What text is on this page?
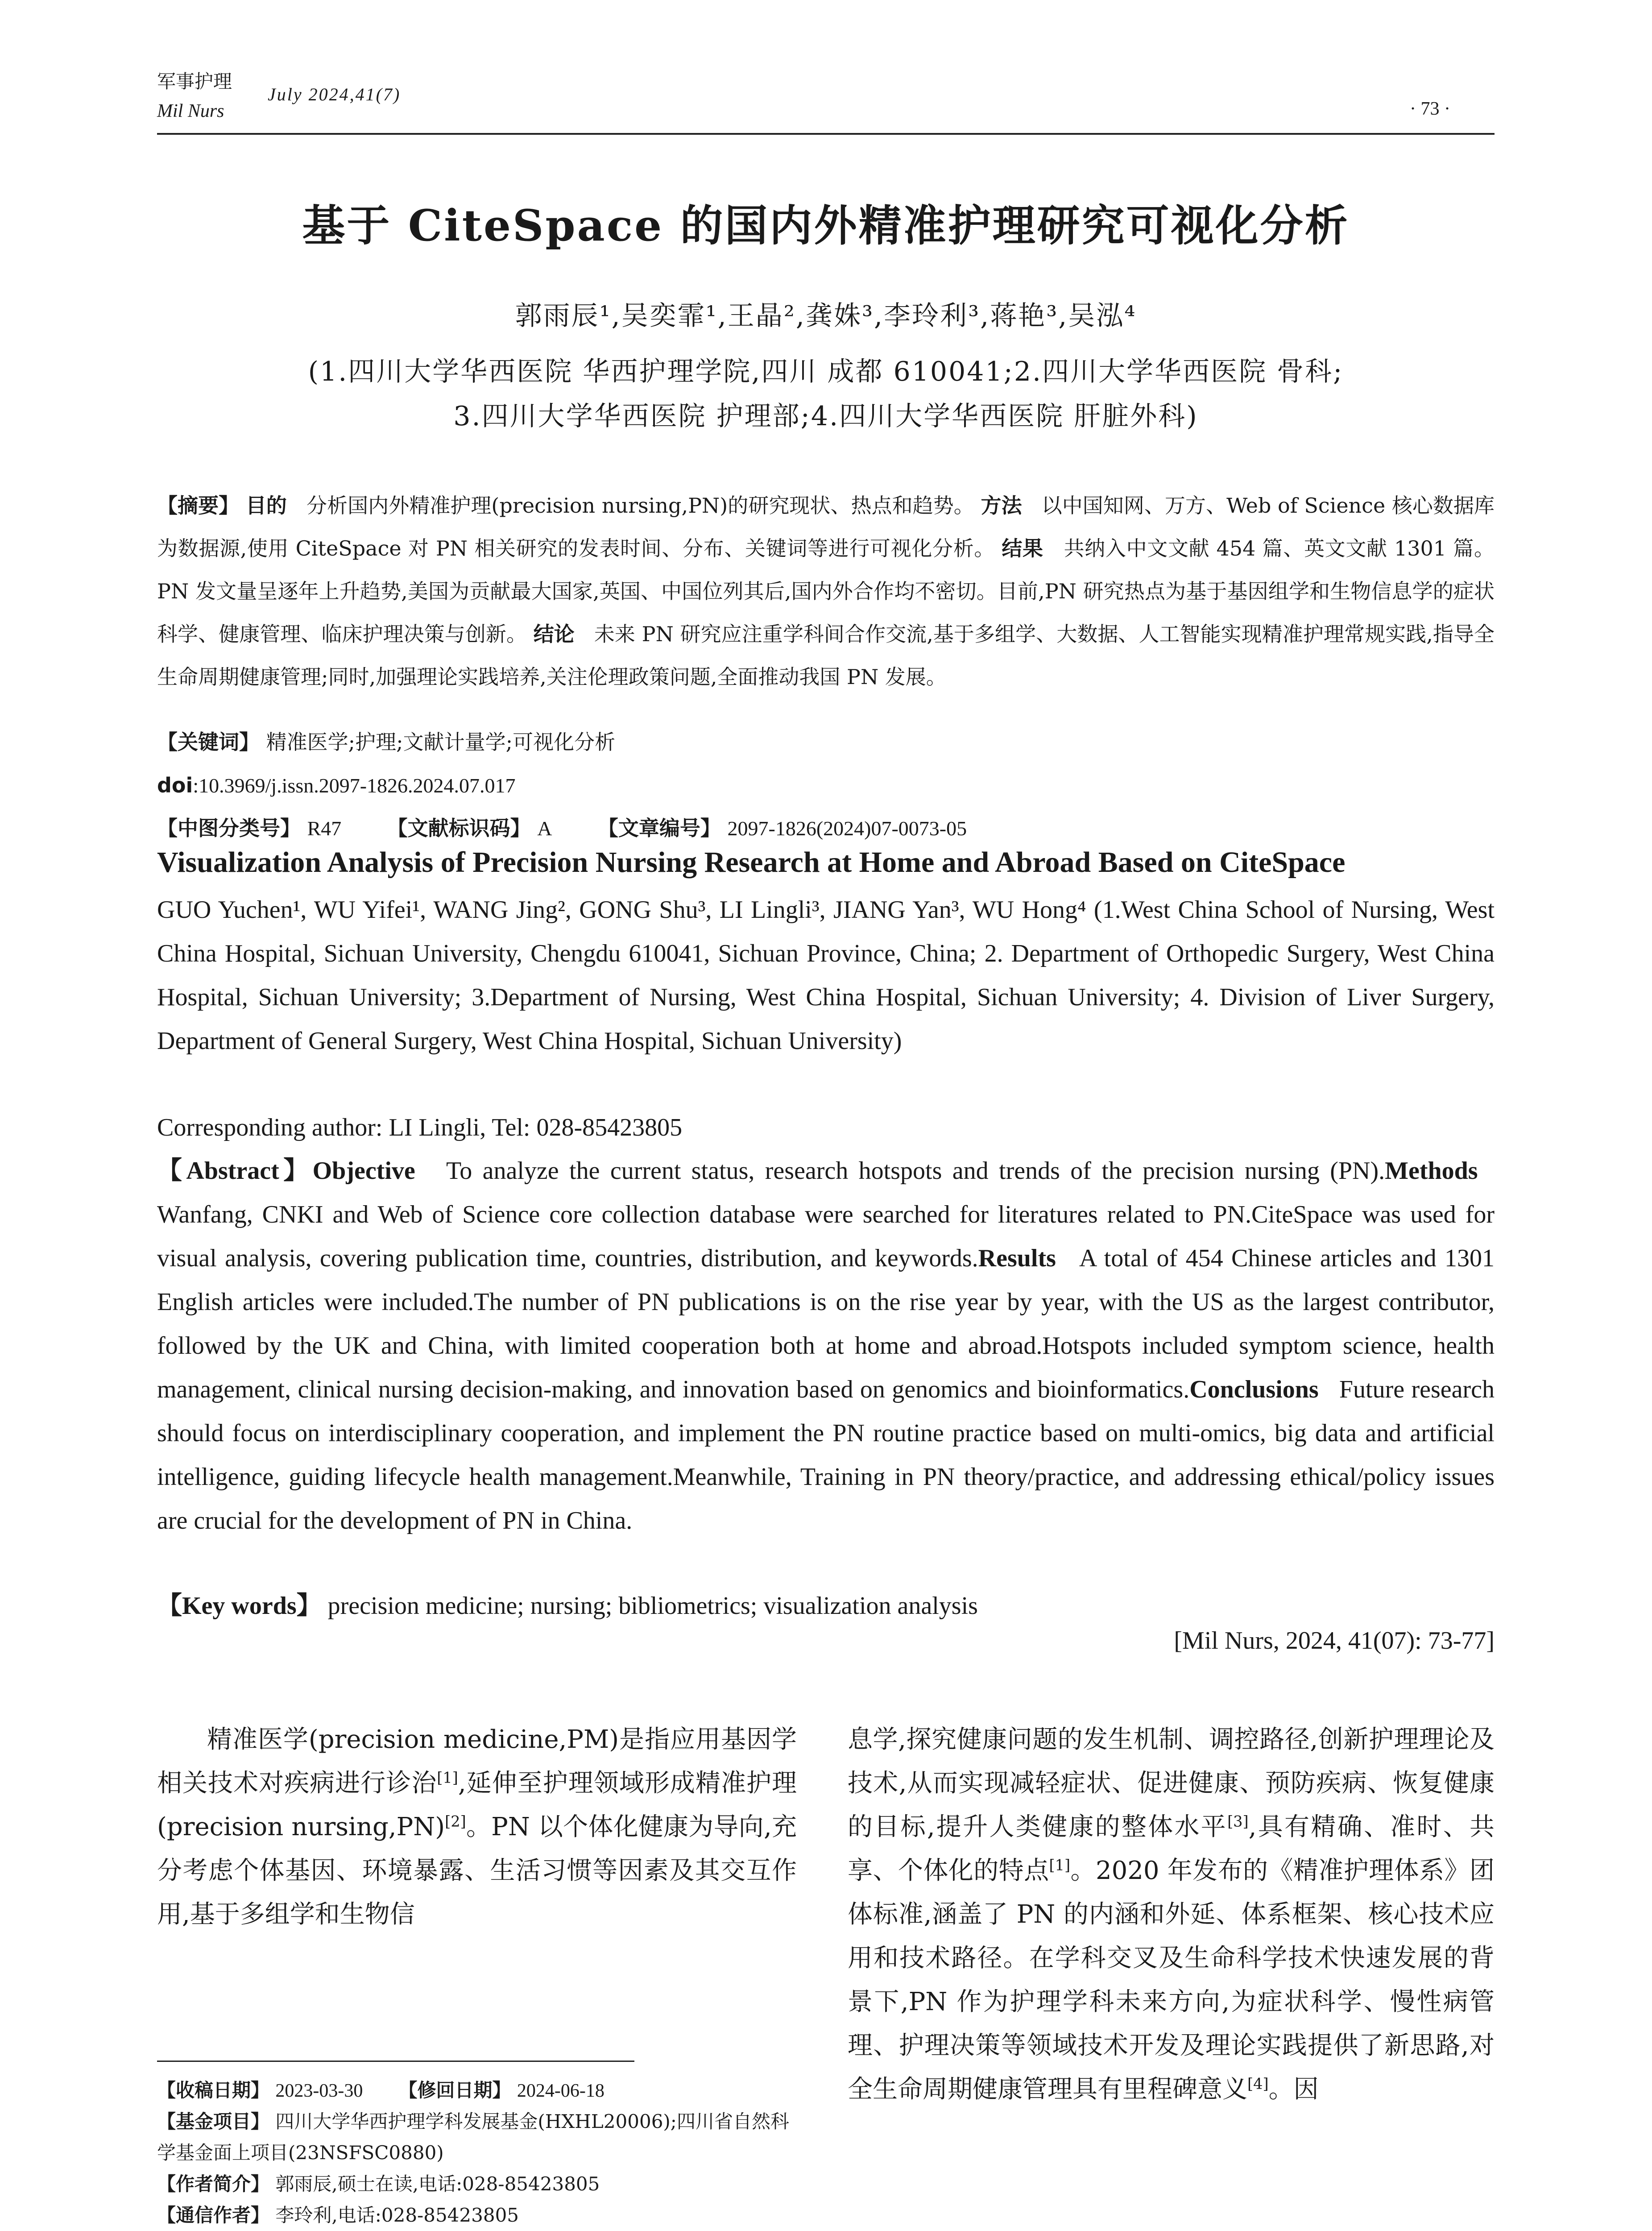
军事护理
Mil Nurs
July 2024,41(7)
· 73 ·
基于 CiteSpace 的国内外精准护理研究可视化分析
郭雨辰¹,吴奕霏¹,王晶²,龚姝³,李玲利³,蒋艳³,吴泓⁴
(1.四川大学华西医院 华西护理学院,四川 成都 610041;2.四川大学华西医院 骨科;
3.四川大学华西医院 护理部;4.四川大学华西医院 肝脏外科)
【摘要】 目的 分析国内外精准护理(precision nursing,PN)的研究现状、热点和趋势。 方法 以中国知网、万方、Web of Science 核心数据库为数据源,使用 CiteSpace 对 PN 相关研究的发表时间、分布、关键词等进行可视化分析。 结果 共纳入中文文献 454 篇、英文文献 1301 篇。PN 发文量呈逐年上升趋势,美国为贡献最大国家,英国、中国位列其后,国内外合作均不密切。目前,PN 研究热点为基于基因组学和生物信息学的症状科学、健康管理、临床护理决策与创新。 结论 未来 PN 研究应注重学科间合作交流,基于多组学、大数据、人工智能实现精准护理常规实践,指导全生命周期健康管理;同时,加强理论实践培养,关注伦理政策问题,全面推动我国 PN 发展。
【关键词】 精准医学;护理;文献计量学;可视化分析
doi:10.3969/j.issn.2097-1826.2024.07.017
【中图分类号】 R47 【文献标识码】 A 【文章编号】 2097-1826(2024)07-0073-05
Visualization Analysis of Precision Nursing Research at Home and Abroad Based on CiteSpace
GUO Yuchen¹, WU Yifei¹, WANG Jing², GONG Shu³, LI Lingli³, JIANG Yan³, WU Hong⁴ (1.West China School of Nursing, West China Hospital, Sichuan University, Chengdu 610041, Sichuan Province, China; 2. Department of Orthopedic Surgery, West China Hospital, Sichuan University; 3.Department of Nursing, West China Hospital, Sichuan University; 4. Division of Liver Surgery, Department of General Surgery, West China Hospital, Sichuan University)
Corresponding author: LI Lingli, Tel: 028-85423805
【Abstract】Objective To analyze the current status, research hotspots and trends of the precision nursing (PN).Methods   Wanfang, CNKI and Web of Science core collection database were searched for literatures related to PN.CiteSpace was used for visual analysis, covering publication time, countries, distribution, and keywords.Results A total of 454 Chinese articles and 1301 English articles were included.The number of PN publications is on the rise year by year, with the US as the largest contributor, followed by the UK and China, with limited cooperation both at home and abroad.Hotspots included symptom science, health management, clinical nursing decision-making, and innovation based on genomics and bioinformatics.Conclusions Future research should focus on interdisciplinary cooperation, and implement the PN routine practice based on multi-omics, big data and artificial intelligence, guiding lifecycle health management.Meanwhile, Training in PN theory/practice, and addressing ethical/policy issues are crucial for the development of PN in China.
【Key words】 precision medicine; nursing; bibliometrics; visualization analysis
[Mil Nurs, 2024, 41(07): 73-77]
精准医学(precision medicine,PM)是指应用基因学相关技术对疾病进行诊治[1],延伸至护理领域形成精准护理(precision nursing,PN)[2]。PN 以个体化健康为导向,充分考虑个体基因、环境暴露、生活习惯等因素及其交互作用,基于多组学和生物信
息学,探究健康问题的发生机制、调控路径,创新护理理论及技术,从而实现减轻症状、促进健康、预防疾病、恢复健康的目标,提升人类健康的整体水平[3],具有精确、准时、共享、个体化的特点[1]。2020 年发布的《精准护理体系》团体标准,涵盖了 PN 的内涵和外延、体系框架、核心技术应用和技术路径。在学科交叉及生命科学技术快速发展的背景下,PN 作为护理学科未来方向,为症状科学、慢性病管理、护理决策等领域技术开发及理论实践提供了新思路,对全生命周期健康管理具有里程碑意义[4]。因
【收稿日期】 2023-03-30 【修回日期】 2024-06-18
【基金项目】 四川大学华西护理学科发展基金(HXHL20006);四川省自然科学基金面上项目(23NSFSC0880)
【作者简介】 郭雨辰,硕士在读,电话:028-85423805
【通信作者】 李玲利,电话:028-85423805
